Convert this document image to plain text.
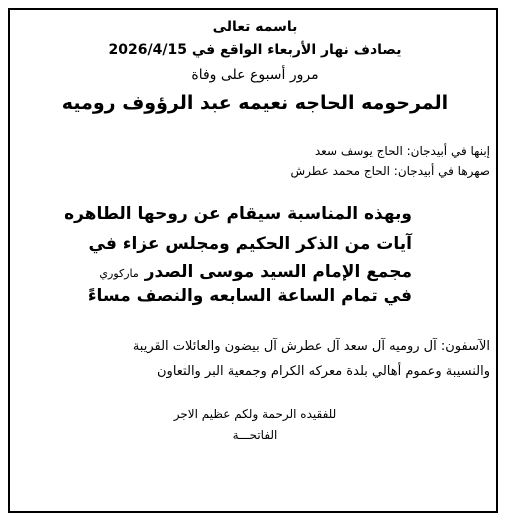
باسمه تعالى
يصادف نهار الأربعاء الواقع في 2026/4/15
مرور أسبوع على وفاة
المرحومه الحاجه نعيمه عبد الرؤوف روميه
إبنها في أبيدجان: الحاج يوسف سعد
صهرها في أبيدجان: الحاج محمد عطرش
وبهذه المناسبة سيقام عن روحها الطاهره
آيات من الذكر الحكيم ومجلس عزاء في
مجمع الإمام السيد موسى الصدر ماركوري
في تمام الساعة السابعه والنصف مساءً
الآسفون: آل روميه آل سعد آل عطرش آل بيضون والعائلات القريبة
والنسيبة وعموم أهالي بلدة معركه الكرام وجمعية البر والتعاون
للفقيده الرحمة ولكم عظيم الاجر
الفاتحـــة
